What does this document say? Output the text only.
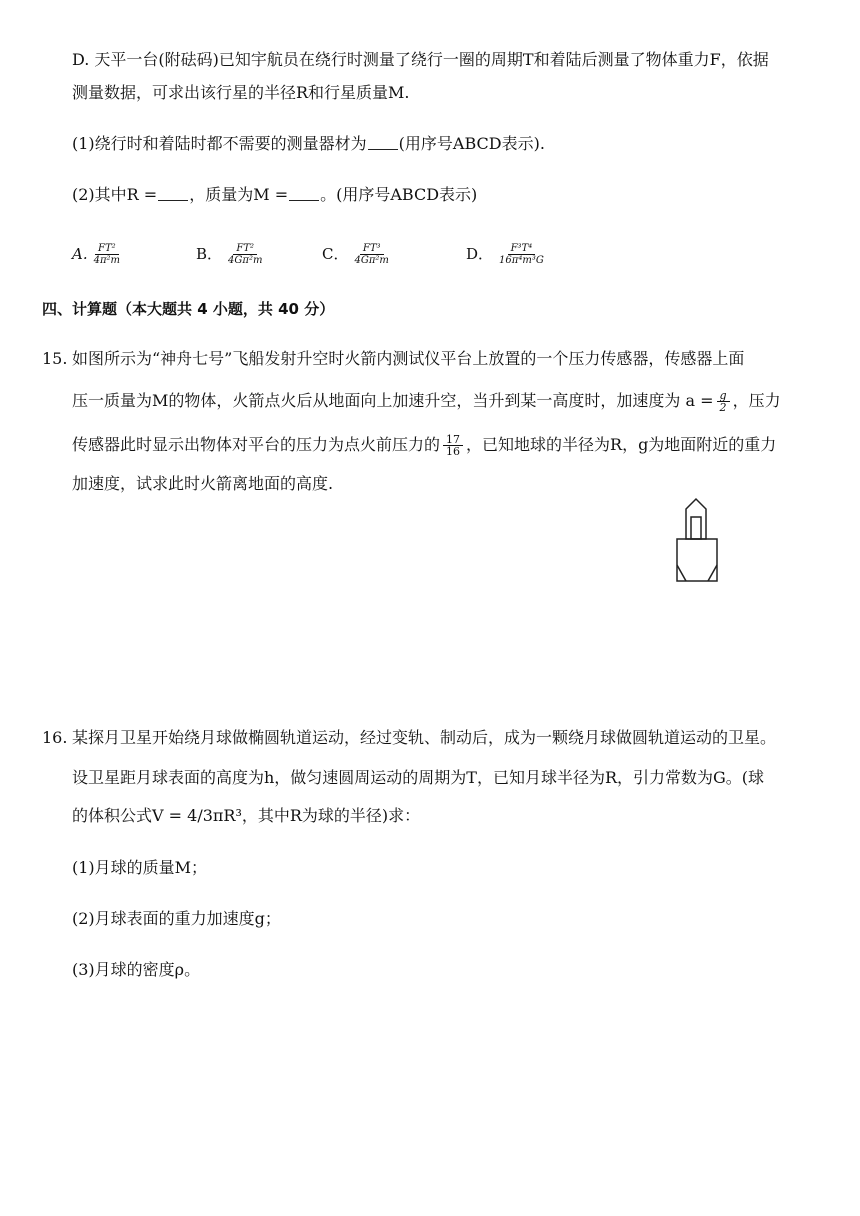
D. 天平一台(附砝码)已知宇航员在绕行时测量了绕行一圈的周期T和着陆后测量了物体重力F，依据
测量数据，可求出该行星的半径R和行星质量M.
(1)绕行时和着陆时都不需要的测量器材为 (用序号ABCD表示).
(2)其中R = ，质量为M = 。(用序号ABCD表示)
A. $\frac{\text{FT²}}{\text{4π²m}}$	B． $\frac{\text{FT²}}{\text{4Gπ²m}}$	C． $\frac{\text{FT³}}{\text{4Gπ²m}}$	D． $\frac{\text{F³T⁴}}{\text{16π⁴m³G}}$
四、计算题（本大题共 4 小题，共 40 分）
15. 如图所示为“神舟七号”飞船发射升空时火箭内测试仪平台上放置的一个压力传感器，传感器上面
压一质量为M的物体，火箭点火后从地面向上加速升空，当升到某一高度时，加速度为 $a = \frac{g}{2}$ ，压力
传感器此时显示出物体对平台的压力为点火前压力的 $\frac{17}{16}$ ，已知地球的半径为R，g为地面附近的重力
加速度，试求此时火箭离地面的高度.
16. 某探月卫星开始绕月球做椭圆轨道运动，经过变轨、制动后，成为一颗绕月球做圆轨道运动的卫星。
设卫星距月球表面的高度为h，做匀速圆周运动的周期为T，已知月球半径为R，引力常数为G。(球
的体积公式V = 4/3πR³，其中R为球的半径)求：
(1)月球的质量M；
(2)月球表面的重力加速度g；
(3)月球的密度ρ。
